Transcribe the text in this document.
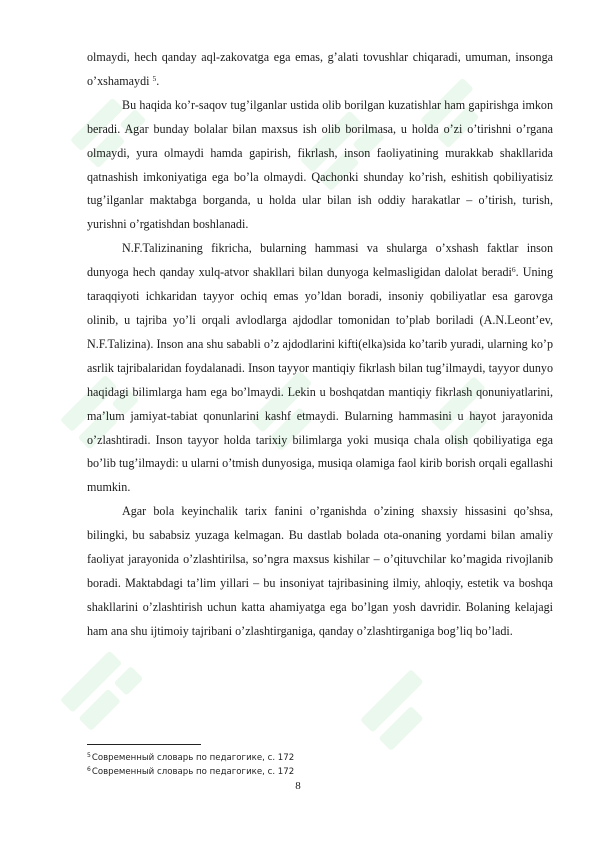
olmaydi, hech qanday aql-zakovatga ega emas, g’alati tovushlar chiqaradi, umuman, insonga o’xshamaydi $^5$.

Bu haqida ko’r-saqov tug’ilganlar ustida olib borilgan kuzatishlar ham gapirishga imkon beradi. Agar bunday bolalar bilan maxsus ish olib borilmasa, u holda o’zi o’tirishni o’rgana olmaydi, yura olmaydi hamda gapirish, fikrlash, inson faoliyatining murakkab shakllarida qatnashish imkoniyatiga ega bo’la olmaydi. Qachonki shunday ko’rish, eshitish qobiliyatisiz tug’ilganlar maktabga borganda, u holda ular bilan ish oddiy harakatlar – o’tirish, turish, yurishni o’rgatishdan boshlanadi.

N.F.Talizinaning fikricha, bularning hammasi va shularga o’xshash faktlar inson dunyoga hech qanday xulq-atvor shakllari bilan dunyoga kelmasligidan dalolat beradi$^6$. Uning taraqqiyoti ichkaridan tayyor ochiq emas yo’ldan boradi, insoniy qobiliyatlar esa garovga olinib, u tajriba yo’li orqali avlodlarga ajdodlar tomonidan to’plab boriladi (A.N.Leont’ev, N.F.Talizina). Inson ana shu sababli o’z ajdodlarini kifti(elka)sida ko’tarib yuradi, ularning ko’p asrlik tajribalaridan foydalanadi. Inson tayyor mantiqiy fikrlash bilan tug’ilmaydi, tayyor dunyo haqidagi bilimlarga ham ega bo’lmaydi. Lekin u boshqatdan mantiqiy fikrlash qonuniyatlarini, ma’lum jamiyat-tabiat qonunlarini kashf etmaydi. Bularning hammasini u hayot jarayonida o’zlashtiradi. Inson tayyor holda tarixiy bilimlarga yoki musiqa chala olish qobiliyatiga ega bo’lib tug’ilmaydi: u ularni o’tmish dunyosiga, musiqa olamiga faol kirib borish orqali egallashi mumkin.

Agar bola keyinchalik tarix fanini o’rganishda o’zining shaxsiy hissasini qo’shsa, bilingki, bu sababsiz yuzaga kelmagan. Bu dastlab bolada ota-onaning yordami bilan amaliy faoliyat jarayonida o’zlashtirilsa, so’ngra maxsus kishilar – o’qituvchilar ko’magida rivojlanib boradi. Maktabdagi ta’lim yillari – bu insoniyat tajribasining ilmiy, ahloqiy, estetik va boshqa shakllarini o’zlashtirish uchun katta ahamiyatga ega bo’lgan yosh davridir. Bolaning kelajagi ham ana shu ijtimoiy tajribani o’zlashtirganiga, qanday o’zlashtirganiga bog’liq bo’ladi.

$^5$Современный словарь по педагогике, с. 172

$^6$Современный словарь по педагогике, с. 172

8
